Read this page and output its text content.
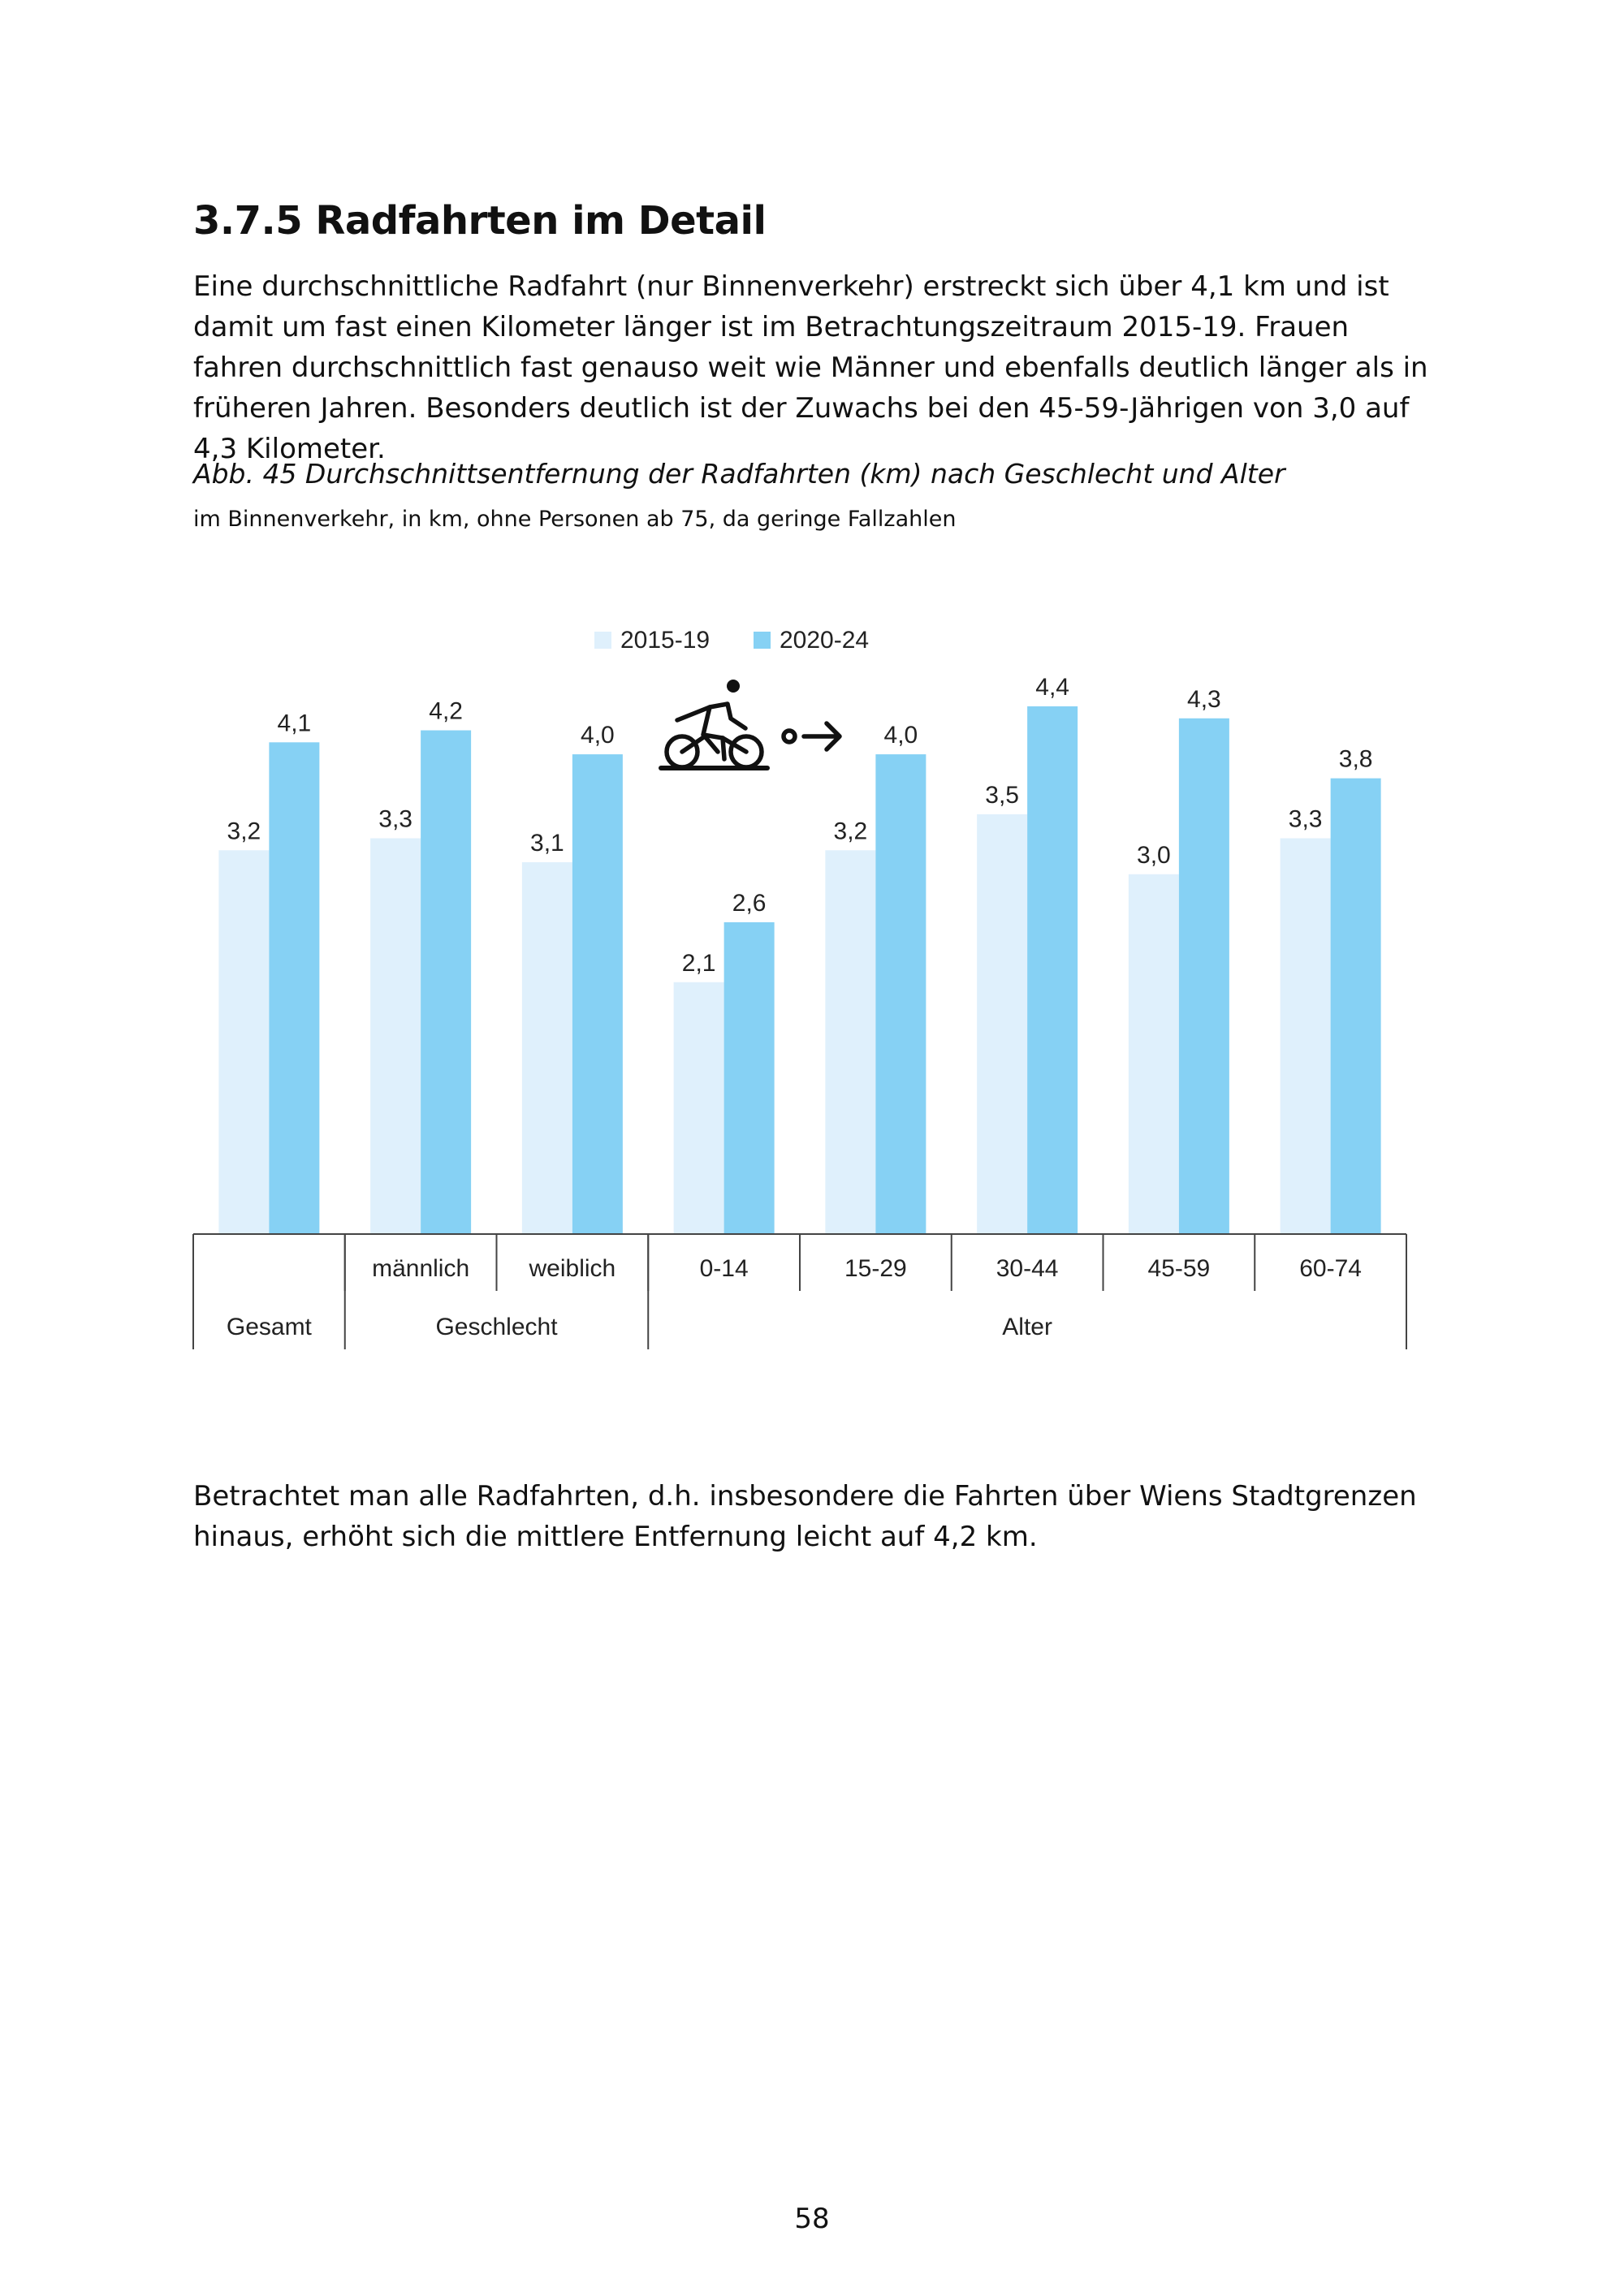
3.7.5 Radfahrten im Detail

Eine durchschnittliche Radfahrt (nur Binnenverkehr) erstreckt sich über 4,1 km und ist damit um fast einen Kilometer länger ist im Betrachtungszeitraum 2015-19. Frauen fahren durchschnittlich fast genauso weit wie Männer und ebenfalls deutlich länger als in früheren Jahren. Besonders deutlich ist der Zuwachs bei den 45-59-Jährigen von 3,0 auf 4,3 Kilometer.

Abb. 45 Durchschnittsentfernung der Radfahrten (km) nach Geschlecht und Alter

im Binnenverkehr, in km, ohne Personen ab 75, da geringe Fallzahlen

2015-19	2020-24
3,2	3,3
3,1
2,1
3,2
3,5
3,0
3,3
4,1	4,2
4,0
2,6
4,0
4,4	4,3
3,8
männlich weiblich	0-14	15-29	30-44	45-59	60-74
Gesamt	Geschlecht	Alter

Betrachtet man alle Radfahrten, d.h. insbesondere die Fahrten über Wiens Stadtgrenzen hinaus, erhöht sich die mittlere Entfernung leicht auf 4,2 km.

58
